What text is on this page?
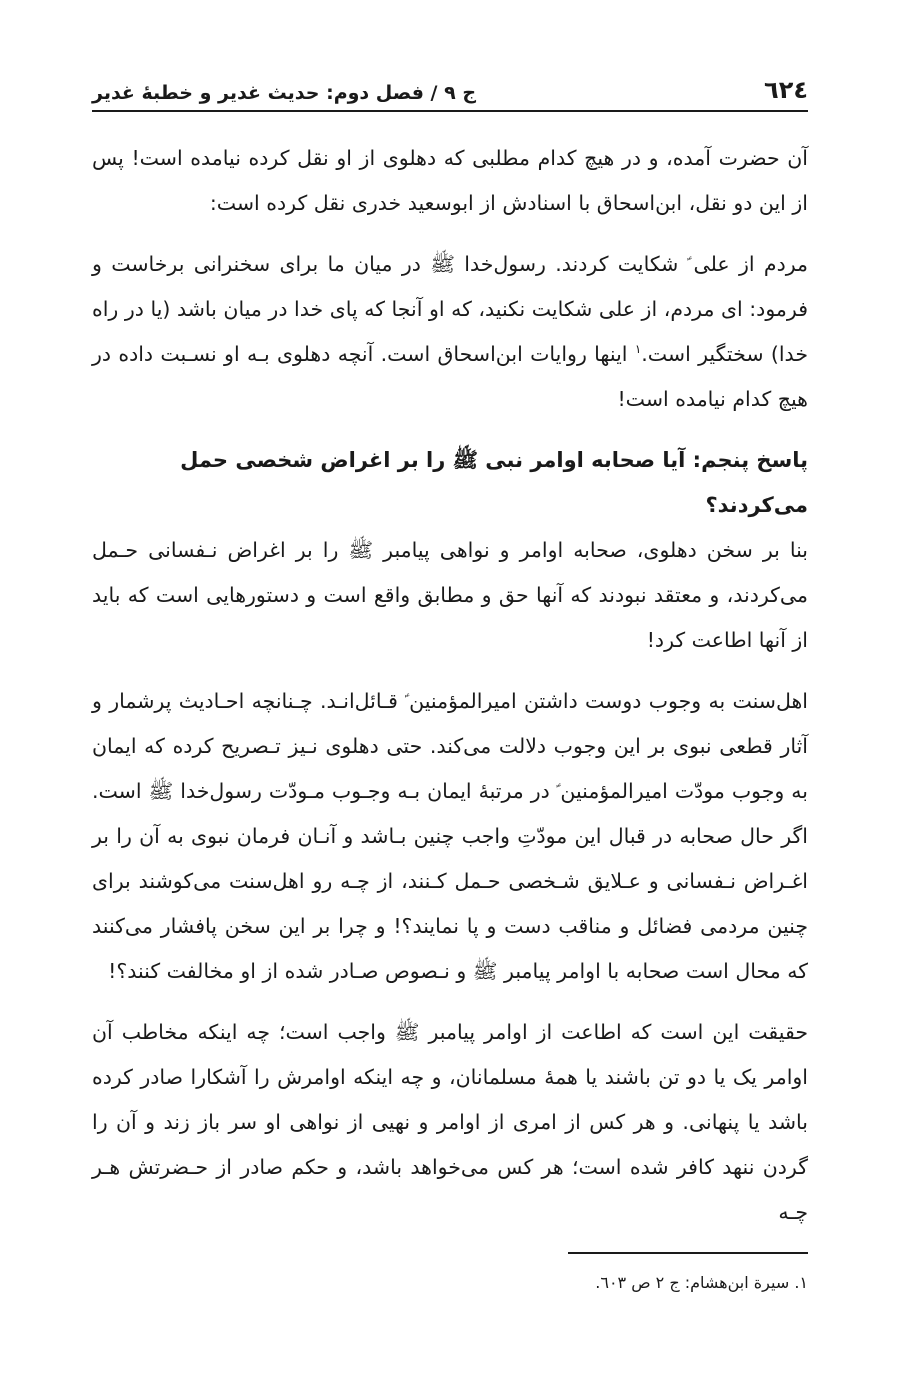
٦٢٤
ج ٩ / فصل دوم: حدیث غدیر و خطبهٔ غدیر

آن حضرت آمده، و در هیچ کدام مطلبی که دهلوی از او نقل کرده نیامده است! پس از این دو نقل، ابن‌اسحاق با اسنادش از ابوسعید خدری نقل کرده است:

مردم از علی ؑ شکایت کردند. رسول‌خدا ﷺ در میان ما برای سخنرانی برخاست و فرمود: ای مردم، از علی شکایت نکنید، که او آنجا که پای خدا در میان باشد (یا در راه خدا) سختگیر است.$^١$ اینها روایات ابن‌اسحاق است. آنچه دهلوی بـه او نسـبت داده در هیچ کدام نیامده است!

پاسخ پنجم: آیا صحابه اوامر نبی ﷺ را بر اغراض شخصی حمل می‌کردند؟

بنا بر سخن دهلوی، صحابه اوامر و نواهی پیامبر ﷺ را بر اغراض نـفسانی حـمل می‌کردند، و معتقد نبودند که آنها حق و مطابق واقع است و دستورهایی است که باید از آنها اطاعت کرد!

اهل‌سنت به وجوب دوست داشتن امیرالمؤمنین ؑ قـائل‌انـد. چـنانچه احـادیث پرشمار و آثار قطعی نبوی بر این وجوب دلالت می‌کند. حتی دهلوی نـیز تـصریح کرده که ایمان به وجوب مودّت امیرالمؤمنین ؑ در مرتبهٔ ایمان بـه وجـوب مـودّت رسول‌خدا ﷺ است. اگر حال صحابه در قبال این مودّتِ واجب چنین بـاشد و آنـان فرمان نبوی به آن را بر اغـراض نـفسانی و عـلایق شـخصی حـمل کـنند، از چـه رو اهل‌سنت می‌کوشند برای چنین مردمی فضائل و مناقب دست و پا نمایند؟! و چرا بر این سخن پافشار می‌کنند که محال است صحابه با اوامر پیامبر ﷺ و نـصوص صـادر شده از او مخالفت کنند؟!

حقیقت این است که اطاعت از اوامر پیامبر ﷺ واجب است؛ چه اینکه مخاطب آن اوامر یک یا دو تن باشند یا همهٔ مسلمانان، و چه اینکه اوامرش را آشکارا صادر کرده باشد یا پنهانی. و هر کس از امری از اوامر و نهیی از نواهی او سر باز زند و آن را گردن ننهد کافر شده است؛ هر کس می‌خواهد باشد، و حکم صادر از حـضرتش هـر چـه

١. سیرة ابن‌هشام: ج ٢ ص ٦٠٣.
